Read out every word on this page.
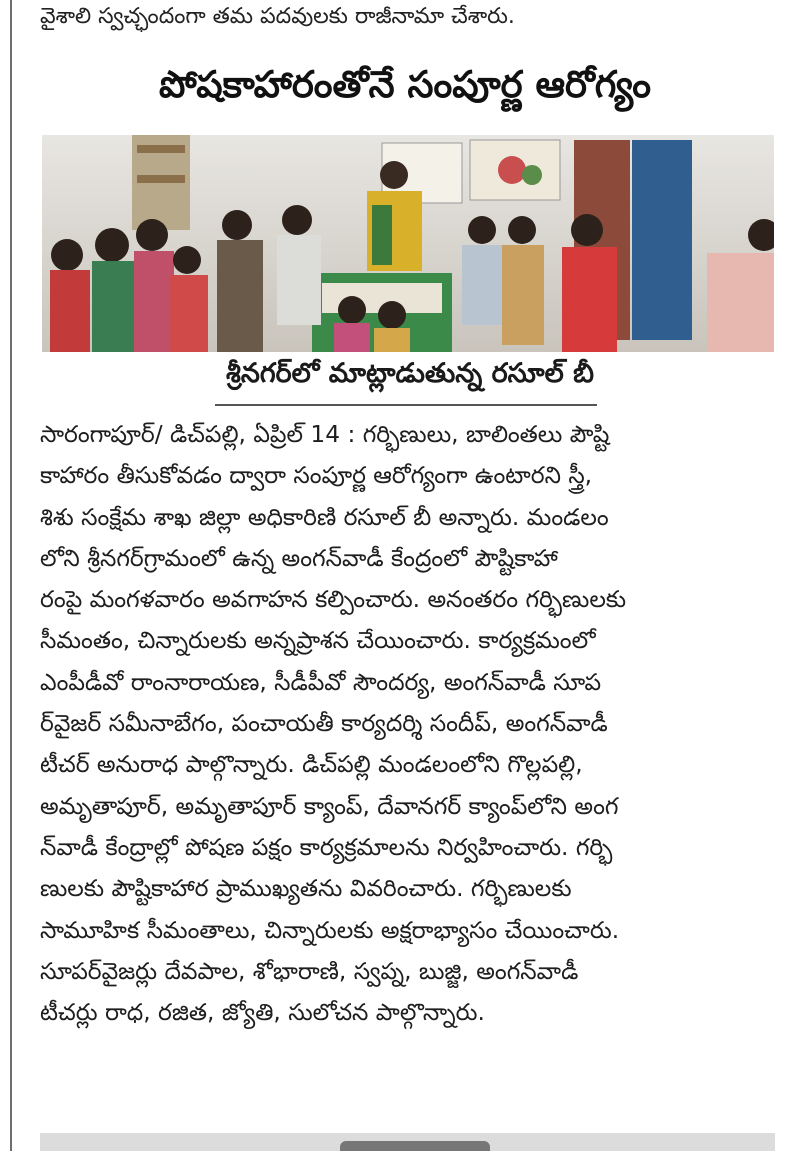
వైశాలి స్వచ్ఛందంగా తమ పదవులకు రాజీనామా చేశారు.
పోషకాహారంతోనే సంపూర్ణ ఆరోగ్యం
శ్రీనగర్‌లో మాట్లాడుతున్న రసూల్ బీ
సారంగాపూర్/ డిచ్‌పల్లి, ఏప్రిల్ 14 : గర్భిణులు, బాలింతలు పౌష్టి
కాహారం తీసుకోవడం ద్వారా సంపూర్ణ ఆరోగ్యంగా ఉంటారని స్త్రీ,
శిశు సంక్షేమ శాఖ జిల్లా అధికారిణి రసూల్ బీ అన్నారు. మండలం
లోని శ్రీనగర్‌గ్రామంలో ఉన్న అంగన్‌వాడీ కేంద్రంలో పౌష్టికాహా
రంపై మంగళవారం అవగాహన కల్పించారు. అనంతరం గర్భిణులకు
సీమంతం, చిన్నారులకు అన్నప్రాశన చేయించారు. కార్యక్రమంలో
ఎంపీడీవో రాంనారాయణ, సీడీపీవో సౌందర్య, అంగన్‌వాడీ సూప
ర్‌వైజర్ సమీనాబేగం, పంచాయతీ కార్యదర్శి సందీప్, అంగన్‌వాడీ
టీచర్ అనురాధ పాల్గొన్నారు. డిచ్‌పల్లి మండలంలోని గొల్లపల్లి,
అమృతాపూర్, అమృతాపూర్ క్యాంప్, దేవానగర్ క్యాంప్‌లోని అంగ
న్‌వాడీ కేంద్రాల్లో పోషణ పక్షం కార్యక్రమాలను నిర్వహించారు. గర్భి
ణులకు పౌష్టికాహార ప్రాముఖ్యతను వివరించారు. గర్భిణులకు
సామూహిక సీమంతాలు, చిన్నారులకు అక్షరాభ్యాసం చేయించారు.
సూపర్‌వైజర్లు దేవపాల, శోభారాణి, స్వప్న, బుజ్జి, అంగన్‌వాడీ
టీచర్లు రాధ, రజిత, జ్యోతి, సులోచన పాల్గొన్నారు.
